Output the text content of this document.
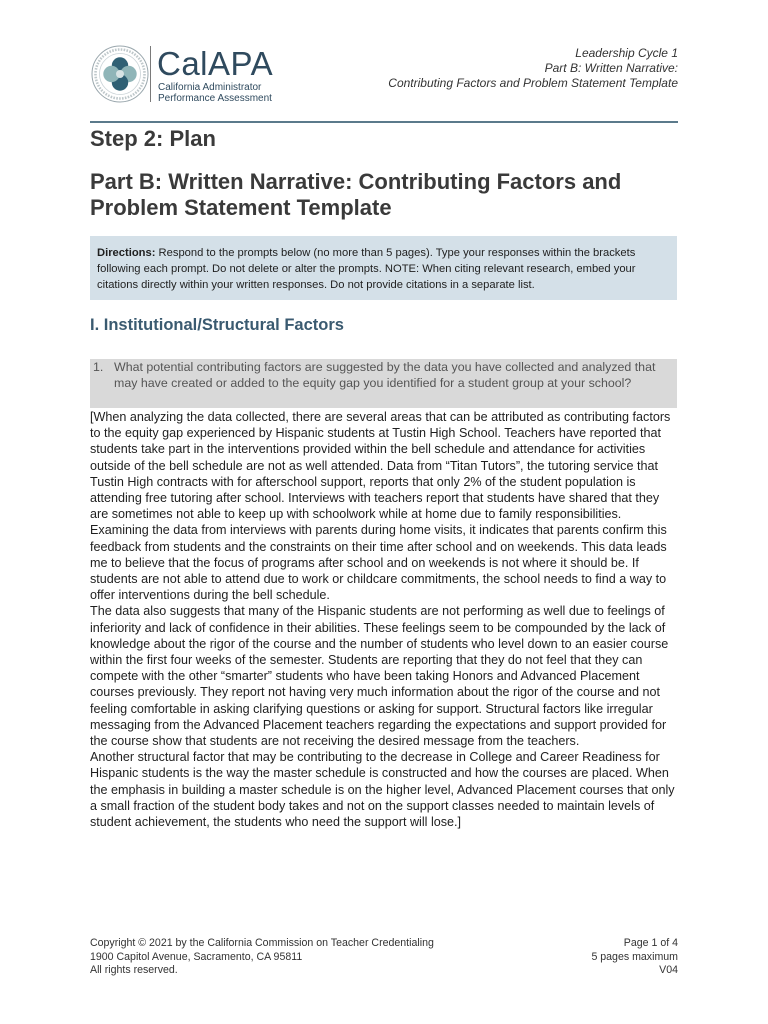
CalAPA
California Administrator
Performance Assessment
Leadership Cycle 1
Part B: Written Narrative:
Contributing Factors and Problem Statement Template
Step 2: Plan
Part B: Written Narrative: Contributing Factors and Problem Statement Template
Directions: Respond to the prompts below (no more than 5 pages). Type your responses within the brackets following each prompt. Do not delete or alter the prompts. NOTE: When citing relevant research, embed your citations directly within your written responses. Do not provide citations in a separate list.
I. Institutional/Structural Factors
1. What potential contributing factors are suggested by the data you have collected and analyzed that may have created or added to the equity gap you identified for a student group at your school?

[When analyzing the data collected, there are several areas that can be attributed as contributing factors to the equity gap experienced by Hispanic students at Tustin High School. Teachers have reported that students take part in the interventions provided within the bell schedule and attendance for activities outside of the bell schedule are not as well attended. Data from “Titan Tutors”, the tutoring service that Tustin High contracts with for afterschool support, reports that only 2% of the student population is attending free tutoring after school. Interviews with teachers report that students have shared that they are sometimes not able to keep up with schoolwork while at home due to family responsibilities. Examining the data from interviews with parents during home visits, it indicates that parents confirm this feedback from students and the constraints on their time after school and on weekends. This data leads me to believe that the focus of programs after school and on weekends is not where it should be. If students are not able to attend due to work or childcare commitments, the school needs to find a way to offer interventions during the bell schedule.

The data also suggests that many of the Hispanic students are not performing as well due to feelings of inferiority and lack of confidence in their abilities. These feelings seem to be compounded by the lack of knowledge about the rigor of the course and the number of students who level down to an easier course within the first four weeks of the semester. Students are reporting that they do not feel that they can compete with the other “smarter” students who have been taking Honors and Advanced Placement courses previously. They report not having very much information about the rigor of the course and not feeling comfortable in asking clarifying questions or asking for support. Structural factors like irregular messaging from the Advanced Placement teachers regarding the expectations and support provided for the course show that students are not receiving the desired message from the teachers.

Another structural factor that may be contributing to the decrease in College and Career Readiness for Hispanic students is the way the master schedule is constructed and how the courses are placed. When the emphasis in building a master schedule is on the higher level, Advanced Placement courses that only a small fraction of the student body takes and not on the support classes needed to maintain levels of student achievement, the students who need the support will lose.]

Copyright © 2021 by the California Commission on Teacher Credentialing
1900 Capitol Avenue, Sacramento, CA 95811
All rights reserved.
Page 1 of 4
5 pages maximum
V04
